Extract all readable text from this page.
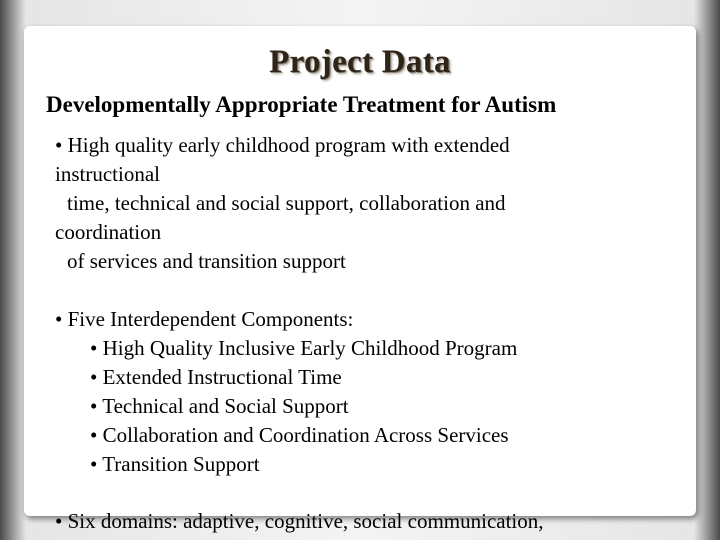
Project Data
Developmentally Appropriate Treatment for Autism
• High quality early childhood program with extended
instructional
time, technical and social support, collaboration and
coordination
of services and transition support
• Five Interdependent Components:
• High Quality Inclusive Early Childhood Program
• Extended Instructional Time
• Technical and Social Support
• Collaboration and Coordination Across Services
• Transition Support
• Six domains: adaptive, cognitive, social communication,
